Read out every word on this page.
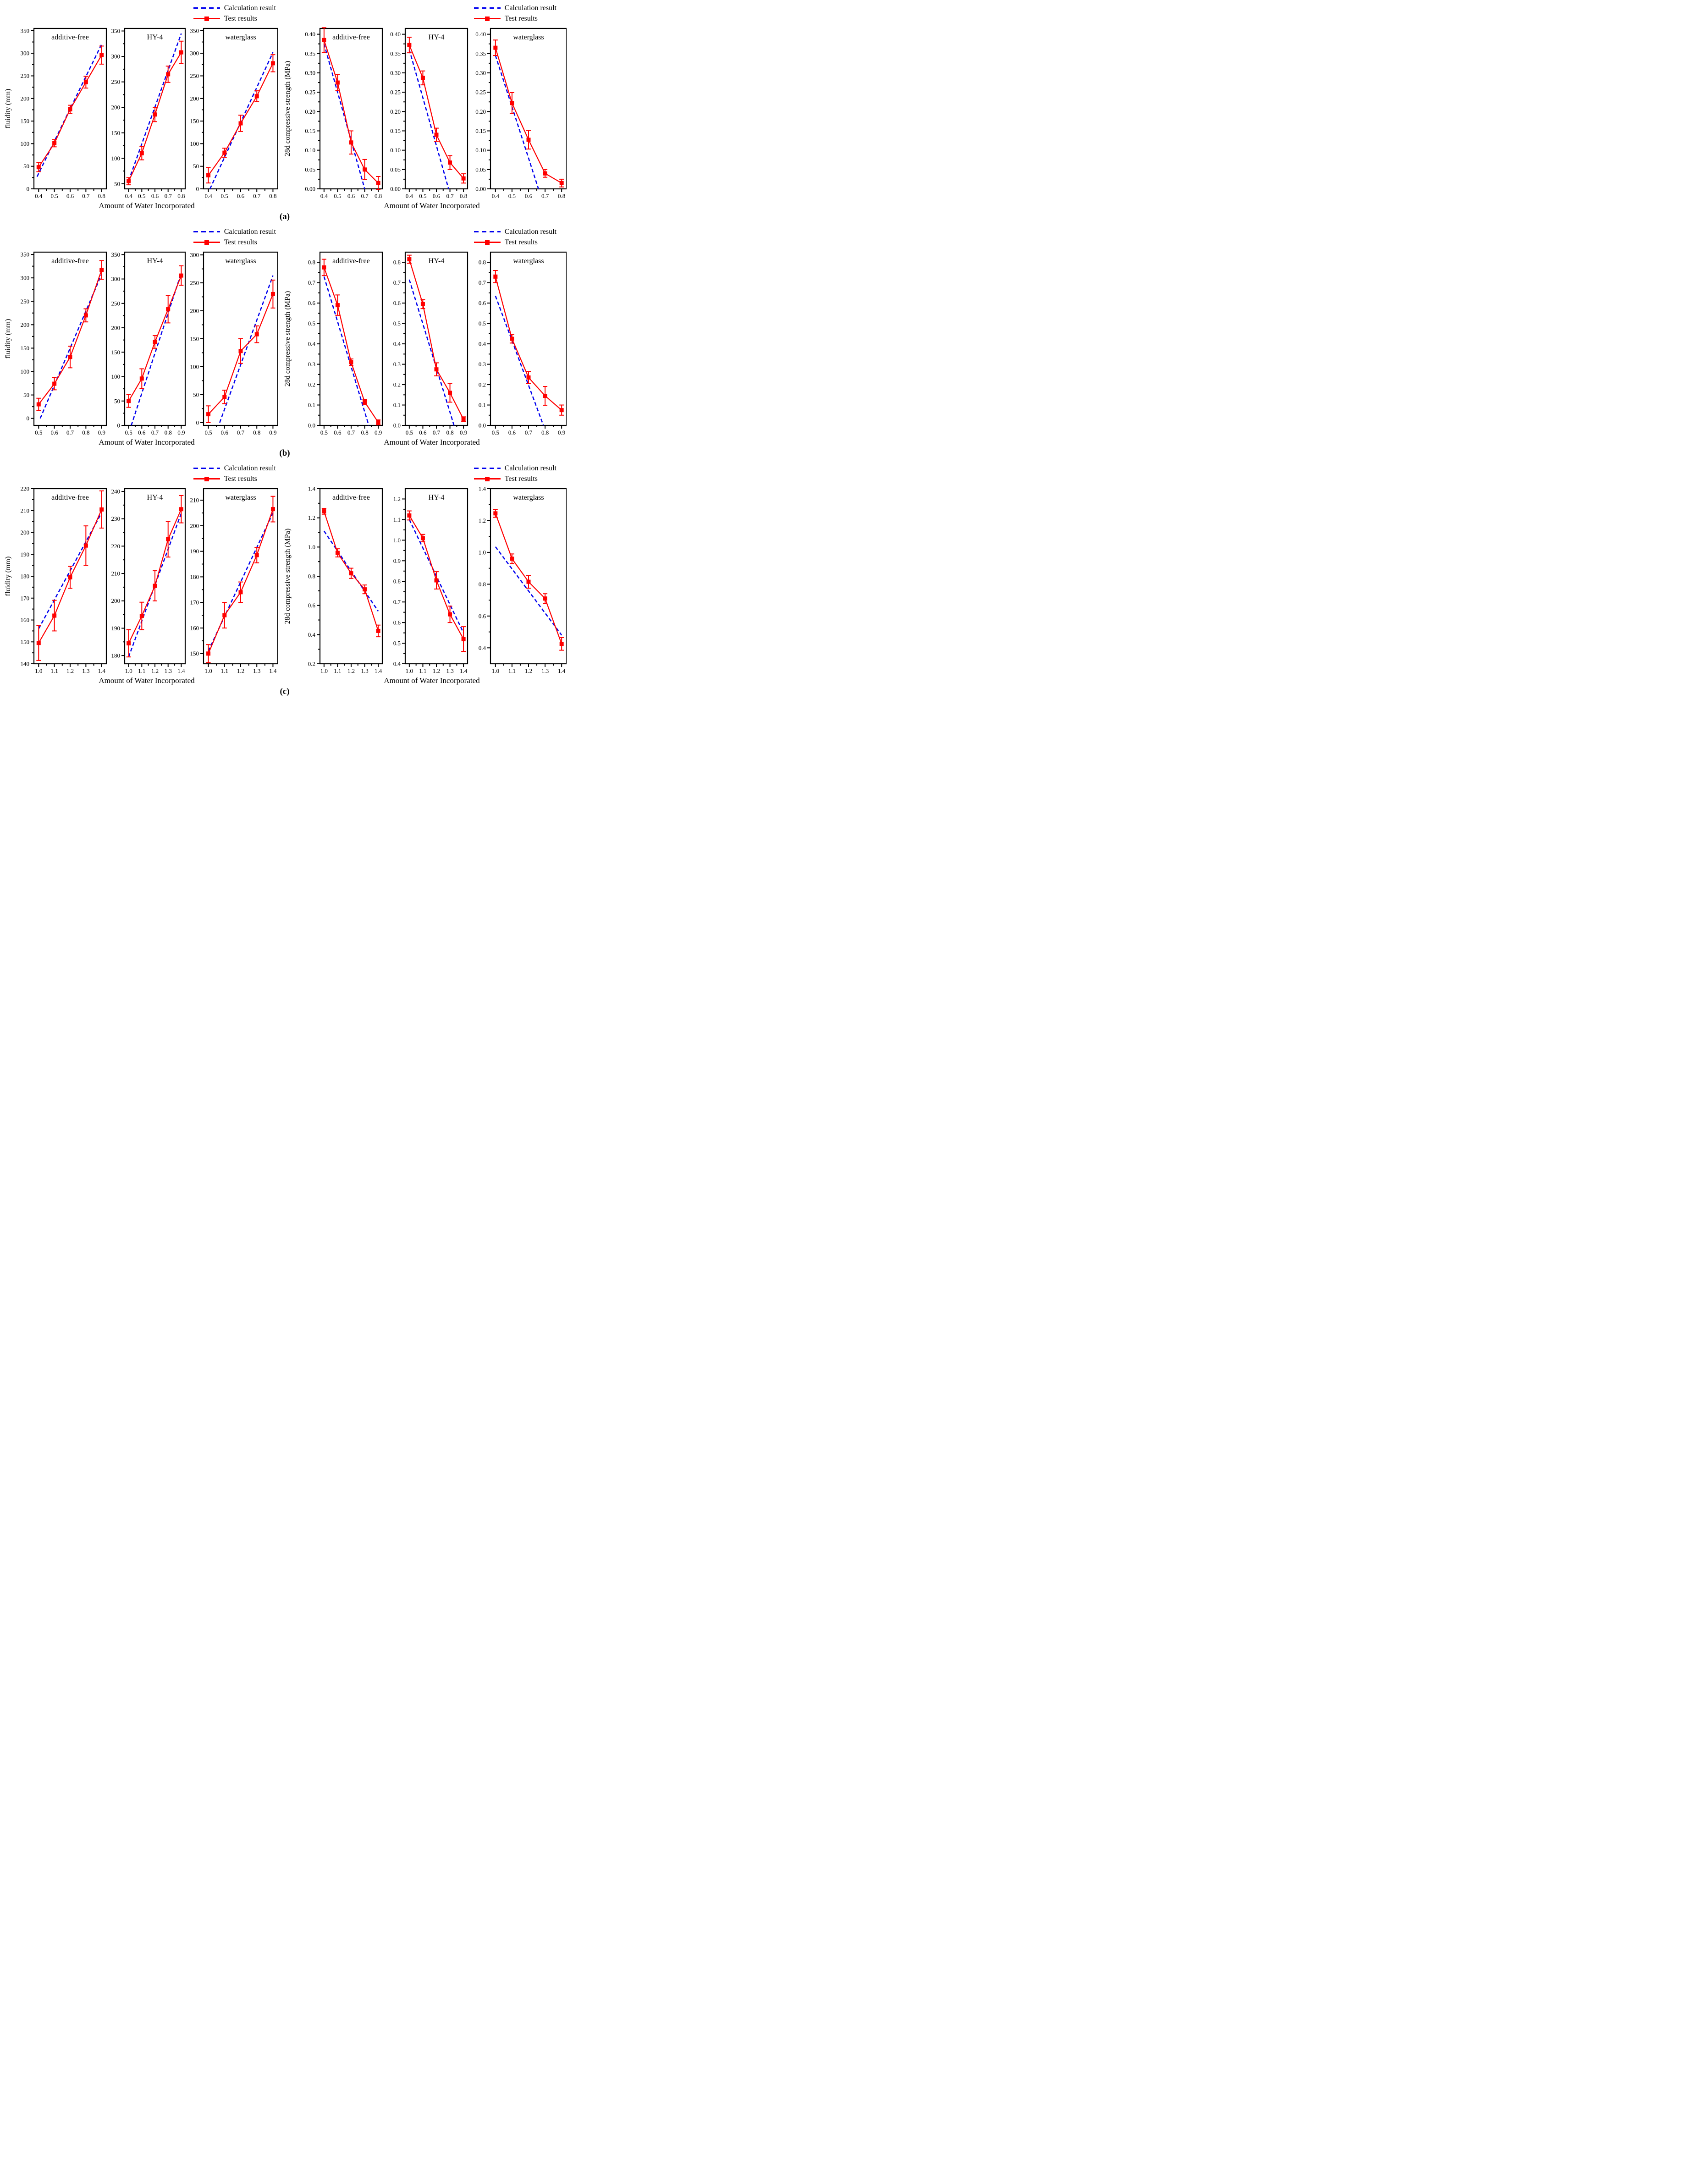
Calculation result
Test results
fluidity (mm)
0
50
100
150
200
250
300
350
0.4 0.5 0.6 0.7 0.8
additive-free
50
100
150
200
250
300
350
0.4 0.5 0.6 0.7 0.8
HY-4
0
50
100
150
200
250
300
350
0.4 0.5 0.6 0.7 0.8
waterglass
Amount of Water Incorporated
Calculation result
Test results
28d compressive strength (MPa)
0.00
0.05
0.10
0.15
0.20
0.25
0.30
0.35
0.40
0.4 0.5 0.6 0.7 0.8
additive-free
0.00
0.05
0.10
0.15
0.20
0.25
0.30
0.35
0.40
0.4 0.5 0.6 0.7 0.8
HY-4
0.00
0.05
0.10
0.15
0.20
0.25
0.30
0.35
0.40
0.4 0.5 0.6 0.7 0.8
waterglass
Amount of Water Incorporated
(a)
Calculation result
Test results
fluidity (mm)
0
50
100
150
200
250
300
350
0.5 0.6 0.7 0.8 0.9
additive-free
0
50
100
150
200
250
300
350
0.5 0.6 0.7 0.8 0.9
HY-4
0
50
100
150
200
250
300
0.5 0.6 0.7 0.8 0.9
waterglass
Amount of Water Incorporated
Calculation result
Test results
28d compressive strength (MPa)
0.0
0.1
0.2
0.3
0.4
0.5
0.6
0.7
0.8
0.5 0.6 0.7 0.8 0.9
additive-free
0.0
0.1
0.2
0.3
0.4
0.5
0.6
0.7
0.8
0.5 0.6 0.7 0.8 0.9
HY-4
0.0
0.1
0.2
0.3
0.4
0.5
0.6
0.7
0.8
0.5 0.6 0.7 0.8 0.9
waterglass
Amount of Water Incorporated
(b)
Calculation result
Test results
fluidity (mm)
140
150
160
170
180
190
200
210
220
1.0 1.1 1.2 1.3 1.4
additive-free
180
190
200
210
220
230
240
1.0 1.1 1.2 1.3 1.4
HY-4
150
160
170
180
190
200
210
1.0 1.1 1.2 1.3 1.4
waterglass
Amount of Water Incorporated
Calculation result
Test results
28d compressive strength (MPa)
0.2
0.4
0.6
0.8
1.0
1.2
1.4
1.0 1.1 1.2 1.3 1.4
additive-free
0.4
0.5
0.6
0.7
0.8
0.9
1.0
1.1
1.2
1.0 1.1 1.2 1.3 1.4
HY-4
0.4
0.6
0.8
1.0
1.2
1.4
1.0 1.1 1.2 1.3 1.4
waterglass
Amount of Water Incorporated
(c)
